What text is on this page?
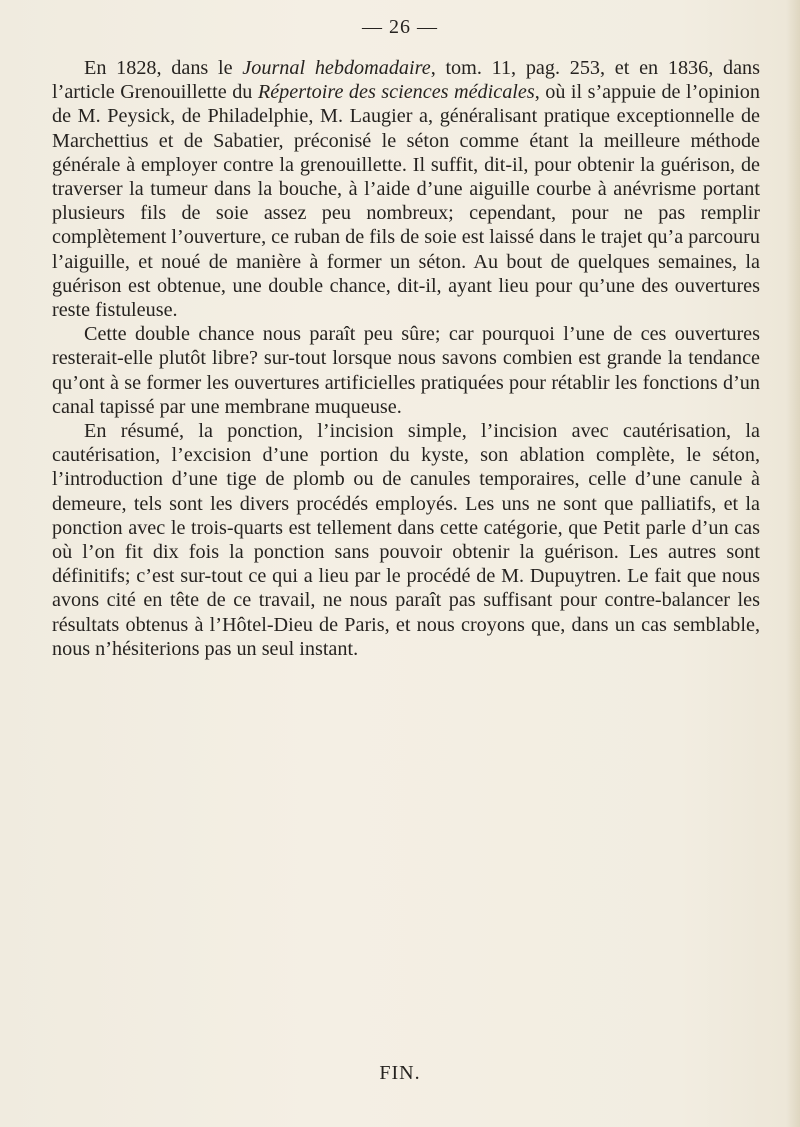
— 26 —

En 1828, dans le Journal hebdomadaire, tom. 11, pag. 253, et en 1836, dans l’article Grenouillette du Répertoire des sciences médicales, où il s’appuie de l’opinion de M. Peysick, de Philadelphie, M. Laugier a, généralisant pratique exceptionnelle de Marchettius et de Sabatier, préconisé le séton comme étant la meilleure méthode générale à employer contre la grenouillette. Il suffit, dit-il, pour obtenir la guérison, de traverser la tumeur dans la bouche, à l’aide d’une aiguille courbe à anévrisme portant plusieurs fils de soie assez peu nombreux; cependant, pour ne pas remplir complètement l’ouverture, ce ruban de fils de soie est laissé dans le trajet qu’a parcouru l’aiguille, et noué de manière à former un séton. Au bout de quelques semaines, la guérison est obtenue, une double chance, dit-il, ayant lieu pour qu’une des ouvertures reste fistuleuse.

Cette double chance nous paraît peu sûre; car pourquoi l’une de ces ouvertures resterait-elle plutôt libre? sur-tout lorsque nous savons combien est grande la tendance qu’ont à se former les ouvertures artificielles pratiquées pour rétablir les fonctions d’un canal tapissé par une membrane muqueuse.

En résumé, la ponction, l’incision simple, l’incision avec cautérisation, la cautérisation, l’excision d’une portion du kyste, son ablation complète, le séton, l’introduction d’une tige de plomb ou de canules temporaires, celle d’une canule à demeure, tels sont les divers procédés employés. Les uns ne sont que palliatifs, et la ponction avec le trois-quarts est tellement dans cette catégorie, que Petit parle d’un cas où l’on fit dix fois la ponction sans pouvoir obtenir la guérison. Les autres sont définitifs; c’est sur-tout ce qui a lieu par le procédé de M. Dupuytren. Le fait que nous avons cité en tête de ce travail, ne nous paraît pas suffisant pour contre-balancer les résultats obtenus à l’Hôtel-Dieu de Paris, et nous croyons que, dans un cas semblable, nous n’hésiterions pas un seul instant.

FIN.
